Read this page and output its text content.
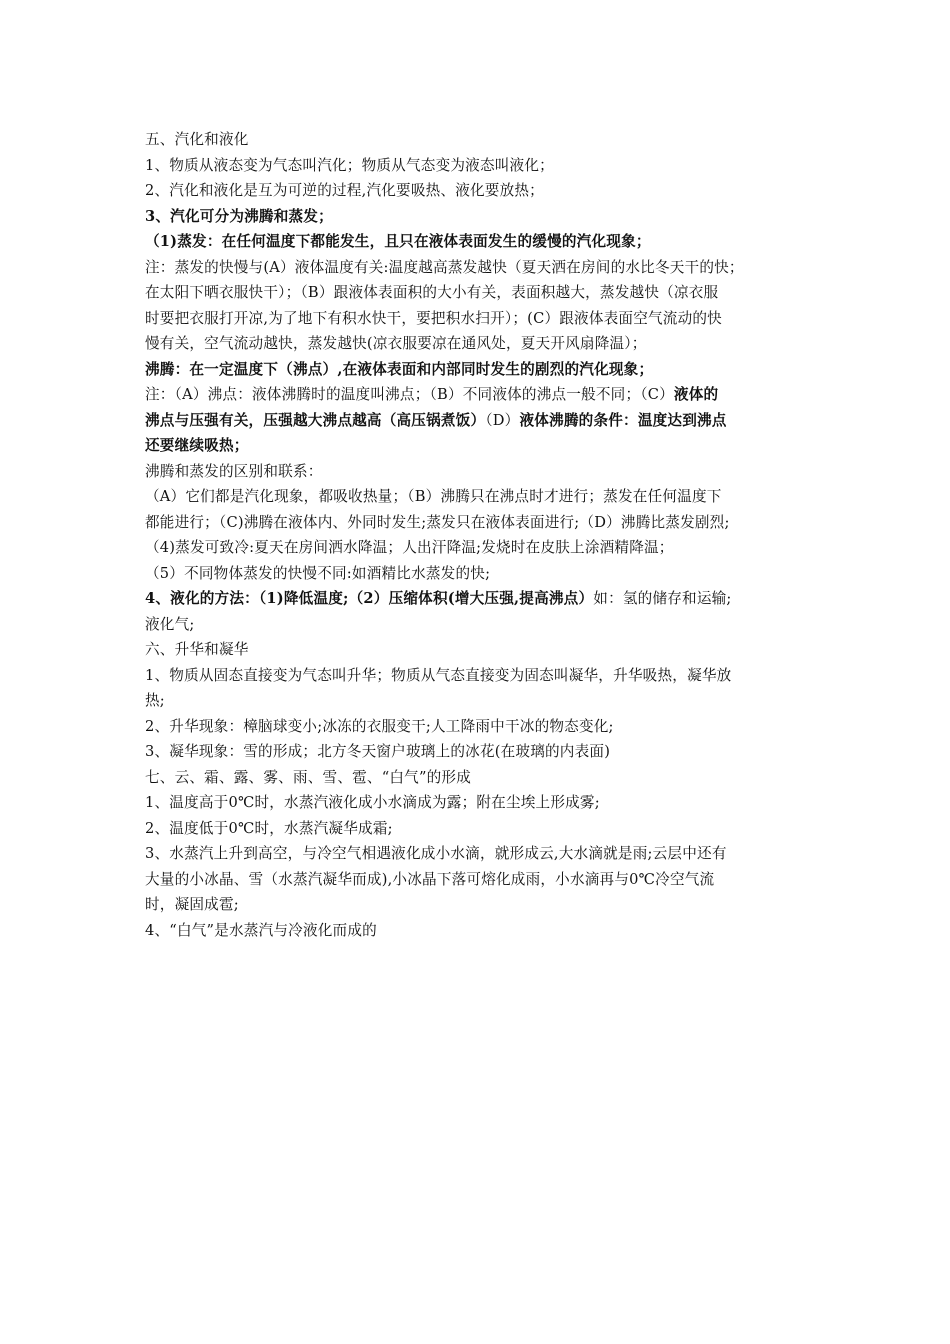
五、汽化和液化
1、物质从液态变为气态叫汽化；物质从气态变为液态叫液化；
2、汽化和液化是互为可逆的过程,汽化要吸热、液化要放热；
3、汽化可分为沸腾和蒸发；
（1)蒸发：在任何温度下都能发生，且只在液体表面发生的缓慢的汽化现象；
注：蒸发的快慢与(A）液体温度有关:温度越高蒸发越快（夏天洒在房间的水比冬天干的快；
在太阳下晒衣服快干）；（B）跟液体表面积的大小有关，表面积越大，蒸发越快（凉衣服
时要把衣服打开凉,为了地下有积水快干，要把积水扫开）；(C）跟液体表面空气流动的快
慢有关，空气流动越快，蒸发越快(凉衣服要凉在通风处，夏天开风扇降温）；
沸腾：在一定温度下（沸点）,在液体表面和内部同时发生的剧烈的汽化现象；
注：（A）沸点：液体沸腾时的温度叫沸点；（B）不同液体的沸点一般不同；（C）液体的
沸点与压强有关，压强越大沸点越高（高压锅煮饭）（D）液体沸腾的条件：温度达到沸点
还要继续吸热；
沸腾和蒸发的区别和联系：
（A）它们都是汽化现象，都吸收热量；（B）沸腾只在沸点时才进行；蒸发在任何温度下
都能进行；（C)沸腾在液体内、外同时发生;蒸发只在液体表面进行;（D）沸腾比蒸发剧烈;
（4)蒸发可致冷:夏天在房间洒水降温；人出汗降温;发烧时在皮肤上涂酒精降温；
（5）不同物体蒸发的快慢不同:如酒精比水蒸发的快;
4、液化的方法：（1)降低温度;（2）压缩体积(增大压强,提高沸点）如：氢的储存和运输;
液化气;
六、升华和凝华
1、物质从固态直接变为气态叫升华；物质从气态直接变为固态叫凝华，升华吸热，凝华放
热;
2、升华现象：樟脑球变小;冰冻的衣服变干;人工降雨中干冰的物态变化;
3、凝华现象：雪的形成；北方冬天窗户玻璃上的冰花(在玻璃的内表面)
七、云、霜、露、雾、雨、雪、雹、“白气”的形成
1、温度高于0℃时，水蒸汽液化成小水滴成为露；附在尘埃上形成雾;
2、温度低于0℃时，水蒸汽凝华成霜;
3、水蒸汽上升到高空，与冷空气相遇液化成小水滴，就形成云,大水滴就是雨;云层中还有
大量的小冰晶、雪（水蒸汽凝华而成),小冰晶下落可熔化成雨，小水滴再与0℃冷空气流
时，凝固成雹;
4、“白气”是水蒸汽与冷液化而成的
